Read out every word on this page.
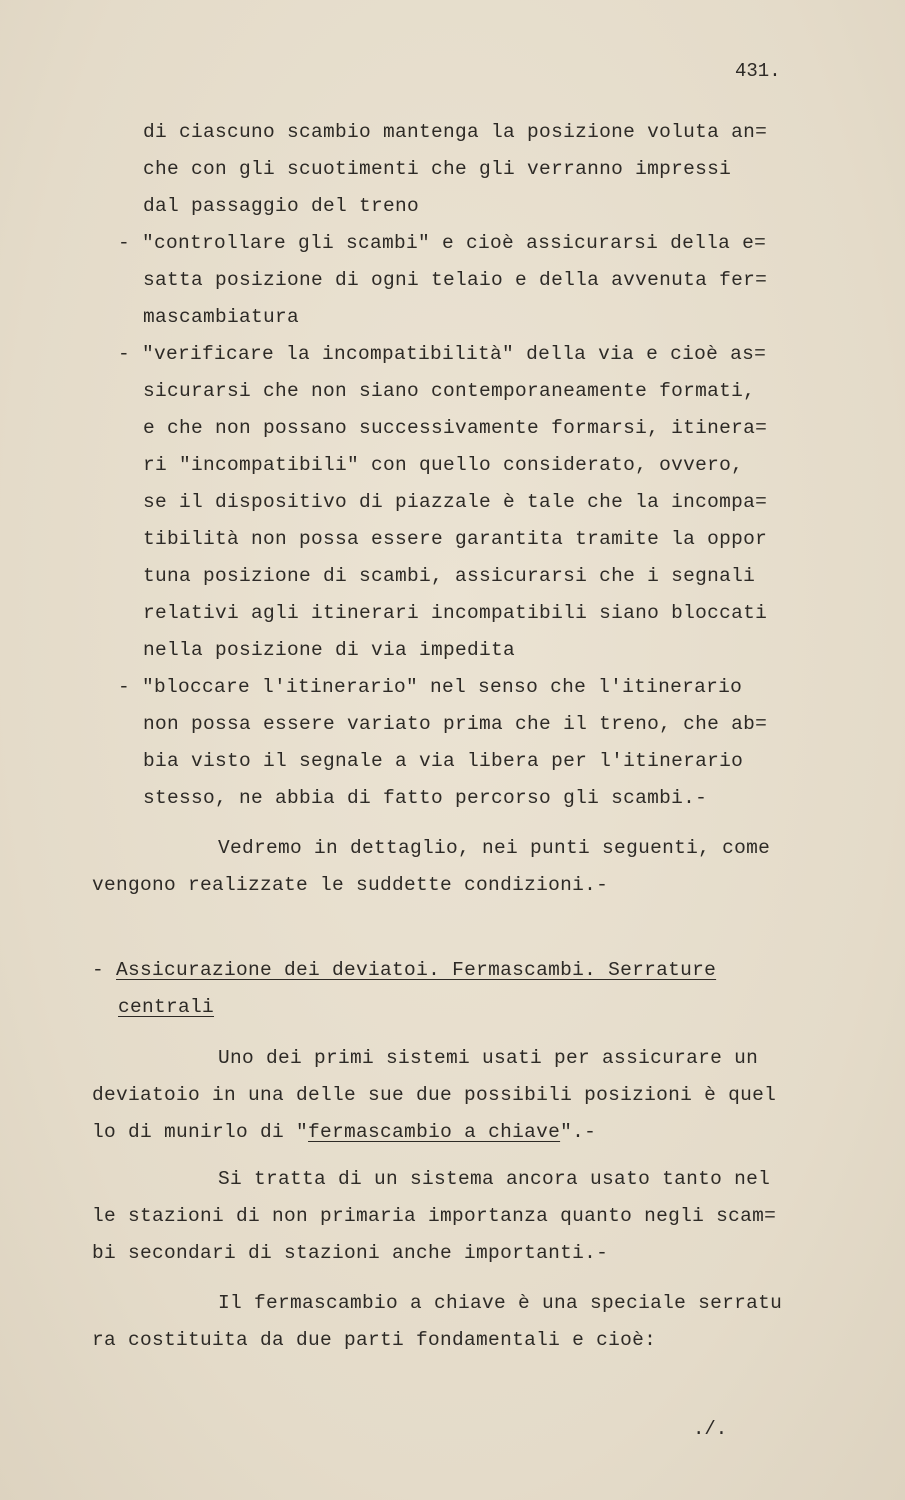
431.
di ciascuno scambio mantenga la posizione voluta an=
che con gli scuotimenti che gli verranno impressi
dal passaggio del treno
- "controllare gli scambi" e cioè assicurarsi della e=
satta posizione di ogni telaio e della avvenuta fer=
mascambiatura
- "verificare la incompatibilità" della via e cioè as=
sicurarsi che non siano contemporaneamente formati,
e che non possano successivamente formarsi, itinera=
ri "incompatibili" con quello considerato, ovvero,
se il dispositivo di piazzale è tale che la incompa=
tibilità non possa essere garantita tramite la oppor
tuna posizione di scambi, assicurarsi che i segnali
relativi agli itinerari incompatibili siano bloccati
nella posizione di via impedita
- "bloccare l'itinerario" nel senso che l'itinerario
non possa essere variato prima che il treno, che ab=
bia visto il segnale a via libera per l'itinerario
stesso, ne abbia di fatto percorso gli scambi.-
Vedremo in dettaglio, nei punti seguenti, come
vengono realizzate le suddette condizioni.-
- Assicurazione dei deviatoi. Fermascambi. Serrature
centrali
Uno dei primi sistemi usati per assicurare un
deviatoio in una delle sue due possibili posizioni è quel
lo di munirlo di "fermascambio a chiave".-
Si tratta di un sistema ancora usato tanto nel
le stazioni di non primaria importanza quanto negli scam=
bi secondari di stazioni anche importanti.-
Il fermascambio a chiave è una speciale serratu
ra costituita da due parti fondamentali e cioè:
./.
